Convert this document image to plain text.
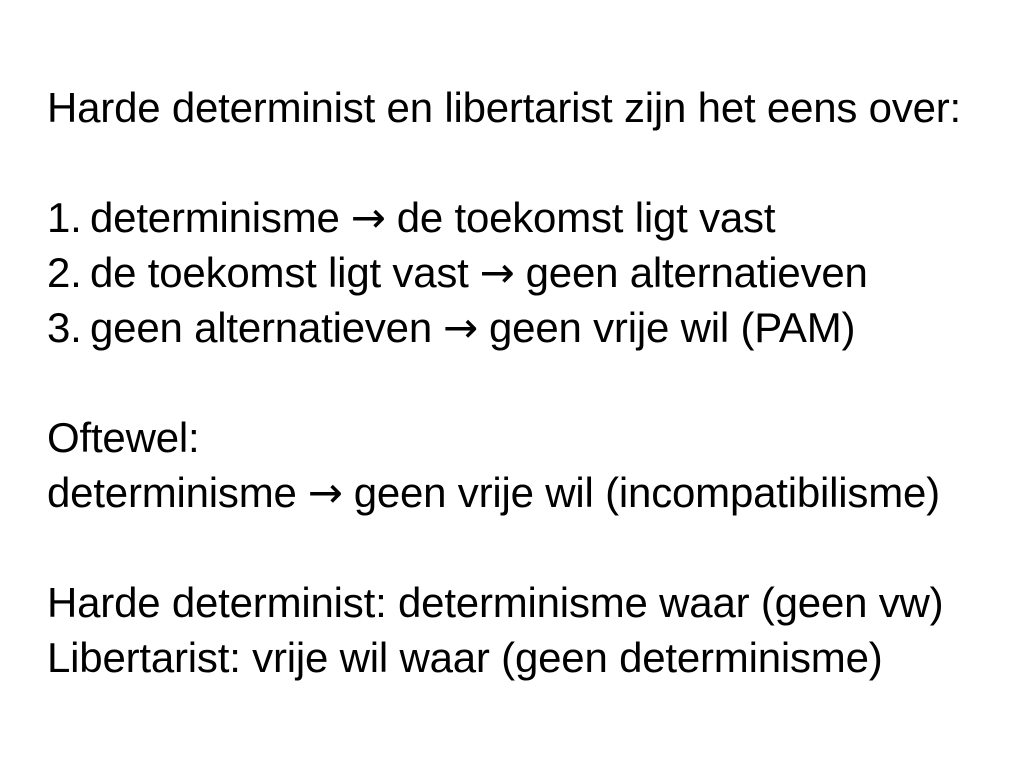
Harde determinist en libertarist zijn het eens over:
1. determinisme → de toekomst ligt vast
2. de toekomst ligt vast → geen alternatieven
3. geen alternatieven → geen vrije wil (PAM)
Oftewel:
determinisme → geen vrije wil (incompatibilisme)
Harde determinist: determinisme waar (geen vw)
Libertarist: vrije wil waar (geen determinisme)
